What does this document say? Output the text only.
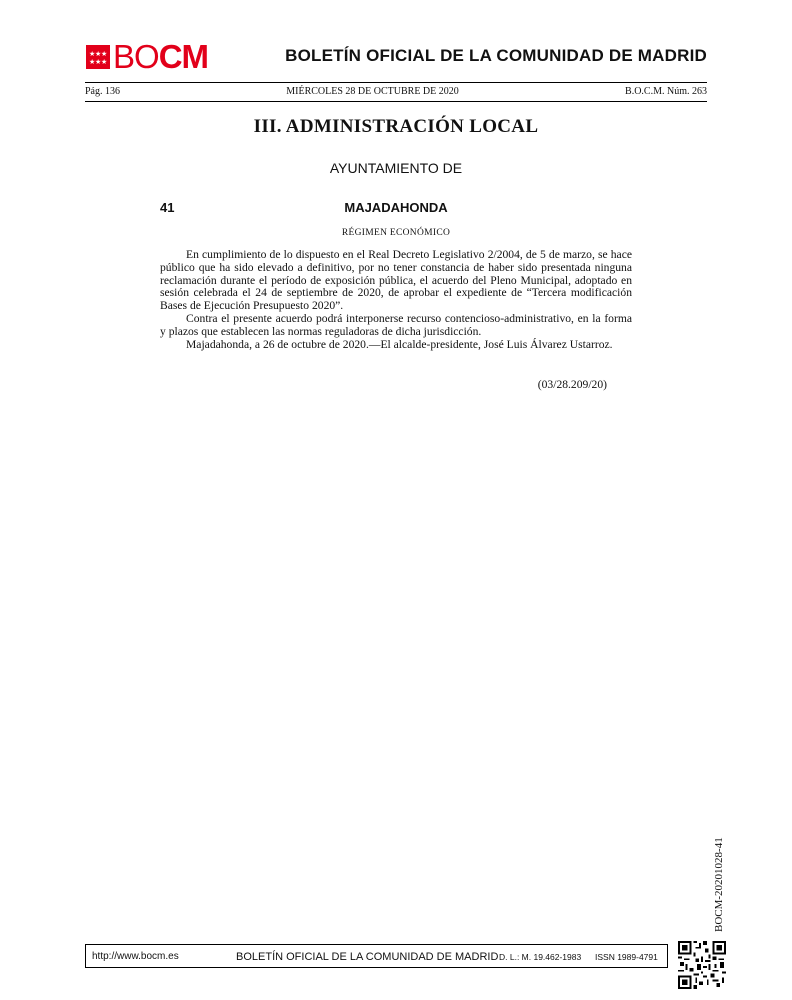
★ ★ ★
★ ★ ★ BOCM	BOLETÍN OFICIAL DE LA COMUNIDAD DE MADRID
Pág. 136	MIÉRCOLES 28 DE OCTUBRE DE 2020	B.O.C.M. Núm. 263
III. ADMINISTRACIÓN LOCAL
AYUNTAMIENTO DE
41	MAJADAHONDA
RÉGIMEN ECONÓMICO

En cumplimiento de lo dispuesto en el Real Decreto Legislativo 2/2004, de 5 de marzo, se hace público que ha sido elevado a definitivo, por no tener constancia de haber sido presentada ninguna reclamación durante el período de exposición pública, el acuerdo del Pleno Municipal, adoptado en sesión celebrada el 24 de septiembre de 2020, de aprobar el expediente de “Tercera modificación Bases de Ejecución Presupuesto 2020”.

Contra el presente acuerdo podrá interponerse recurso contencioso-administrativo, en la forma y plazos que establecen las normas reguladoras de dicha jurisdicción.

Majadahonda, a 26 de octubre de 2020.—El alcalde-presidente, José Luis Álvarez Ustarroz.

(03/28.209/20)
BOCM-20201028-41
http://www.bocm.es	BOLETÍN OFICIAL DE LA COMUNIDAD DE MADRID D. L.: M. 19.462-1983 ISSN 1989-4791
